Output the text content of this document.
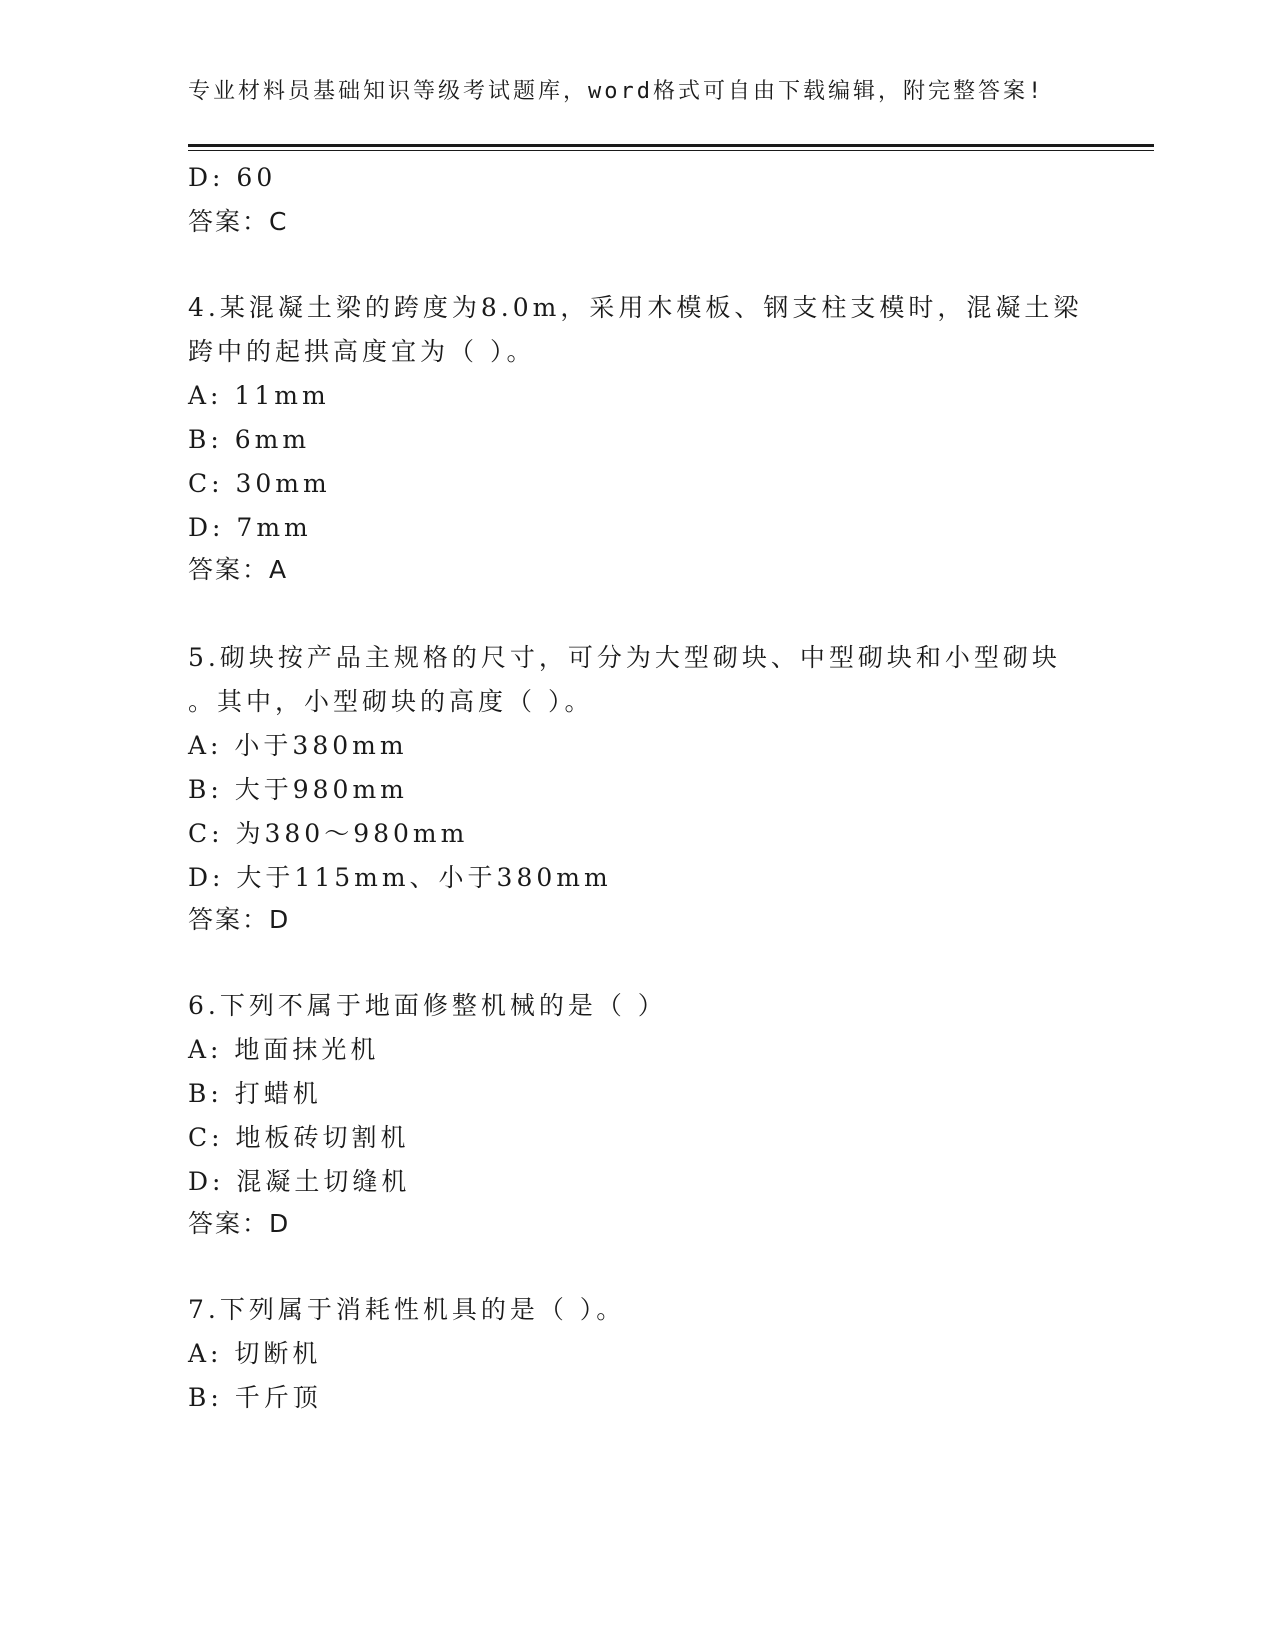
专业材料员基础知识等级考试题库，word格式可自由下载编辑，附完整答案!
D: 60
答案：C
4.某混凝土梁的跨度为8.0m，采用木模板、钢支柱支模时，混凝土梁
跨中的起拱高度宜为（ ）。
A: 11mm
B: 6mm
C: 30mm
D: 7mm
答案：A
5.砌块按产品主规格的尺寸，可分为大型砌块、中型砌块和小型砌块
。其中，小型砌块的高度（ ）。
A: 小于380mm
B: 大于980mm
C: 为380～980mm
D: 大于115mm、小于380mm
答案：D
6.下列不属于地面修整机械的是（ ）
A: 地面抹光机
B: 打蜡机
C: 地板砖切割机
D: 混凝土切缝机
答案：D
7.下列属于消耗性机具的是（ ）。
A: 切断机
B: 千斤顶
